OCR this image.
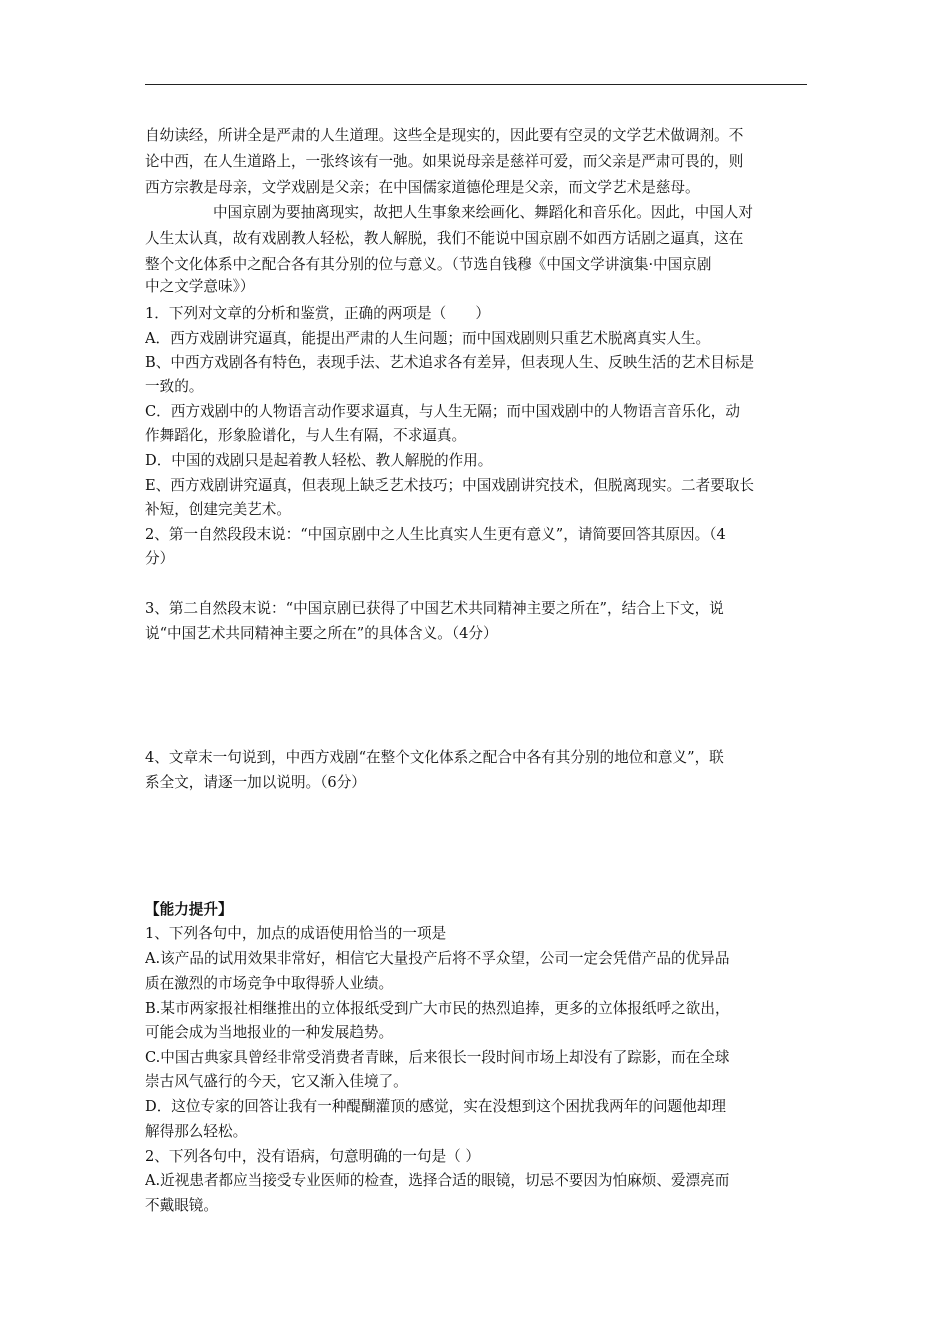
自幼读经，所讲全是严肃的人生道理。这些全是现实的，因此要有空灵的文学艺术做调剂。不
论中西，在人生道路上，一张终该有一弛。如果说母亲是慈祥可爱，而父亲是严肃可畏的，则
西方宗教是母亲，文学戏剧是父亲；在中国儒家道德伦理是父亲，而文学艺术是慈母。
中国京剧为要抽离现实，故把人生事象来绘画化、舞蹈化和音乐化。因此，中国人对
人生太认真，故有戏剧教人轻松，教人解脱，我们不能说中国京剧不如西方话剧之逼真，这在
整个文化体系中之配合各有其分别的位与意义。（节选自钱穆《中国文学讲演集·中国京剧
中之文学意味》）
1．下列对文章的分析和鉴赏，正确的两项是（　　）
A．西方戏剧讲究逼真，能提出严肃的人生问题；而中国戏剧则只重艺术脱离真实人生。
B、中西方戏剧各有特色，表现手法、艺术追求各有差异，但表现人生、反映生活的艺术目标是
一致的。
C．西方戏剧中的人物语言动作要求逼真，与人生无隔；而中国戏剧中的人物语言音乐化，动
作舞蹈化，形象脸谱化，与人生有隔，不求逼真。
D．中国的戏剧只是起着教人轻松、教人解脱的作用。
E、西方戏剧讲究逼真，但表现上缺乏艺术技巧；中国戏剧讲究技术，但脱离现实。二者要取长
补短，创建完美艺术。
2、第一自然段段末说：“中国京剧中之人生比真实人生更有意义”，请简要回答其原因。（4
分）
3、第二自然段末说：“中国京剧已获得了中国艺术共同精神主要之所在”，结合上下文，说
说“中国艺术共同精神主要之所在”的具体含义。（4分）
4、文章末一句说到，中西方戏剧“在整个文化体系之配合中各有其分别的地位和意义”，联
系全文，请逐一加以说明。（6分）
【能力提升】
1、下列各句中，加点的成语使用恰当的一项是
A.该产品的试用效果非常好，相信它大量投产后将不孚众望，公司一定会凭借产品的优异品
质在激烈的市场竞争中取得骄人业绩。
B.某市两家报社相继推出的立体报纸受到广大市民的热烈追捧，更多的立体报纸呼之欲出，
可能会成为当地报业的一种发展趋势。
C.中国古典家具曾经非常受消费者青睐，后来很长一段时间市场上却没有了踪影，而在全球
崇古风气盛行的今天，它又渐入佳境了。
D．这位专家的回答让我有一种醍醐灌顶的感觉，实在没想到这个困扰我两年的问题他却理
解得那么轻松。
2、下列各句中，没有语病，句意明确的一句是（ ）
A.近视患者都应当接受专业医师的检查，选择合适的眼镜，切忌不要因为怕麻烦、爱漂亮而
不戴眼镜。
